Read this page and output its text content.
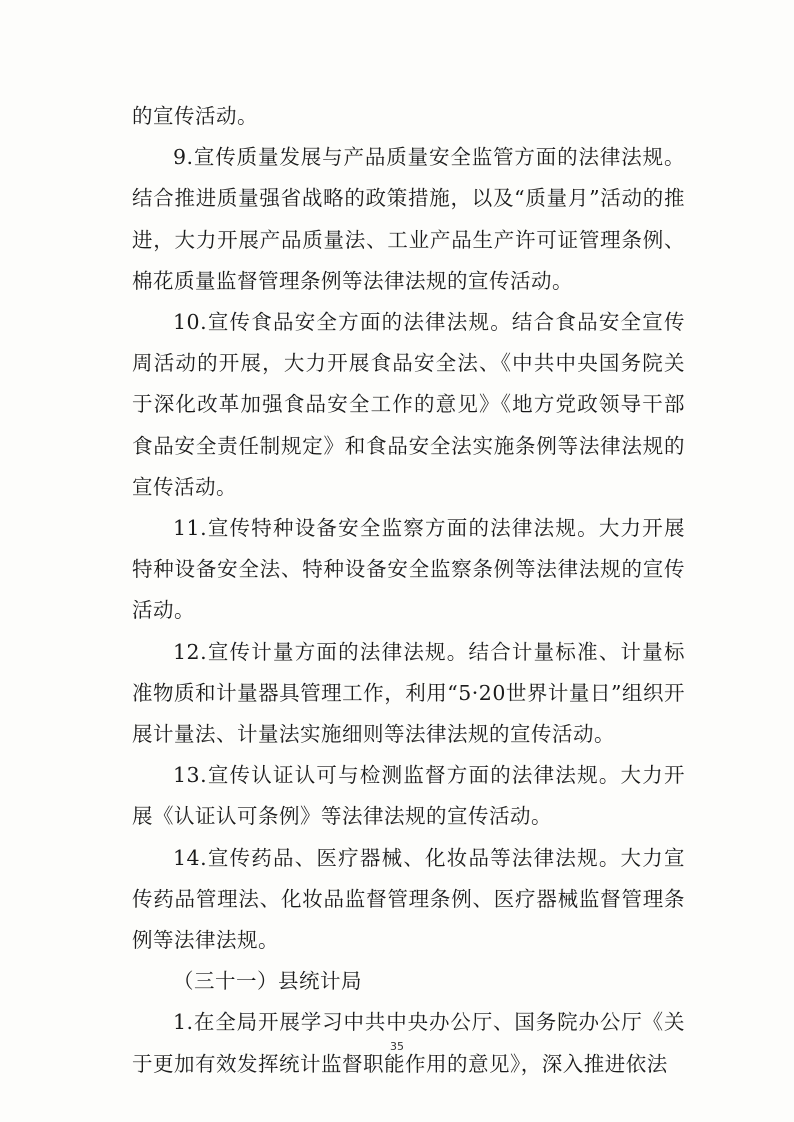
的宣传活动。

9.宣传质量发展与产品质量安全监管方面的法律法规。结合推进质量强省战略的政策措施，以及“质量月”活动的推进，大力开展产品质量法、工业产品生产许可证管理条例、棉花质量监督管理条例等法律法规的宣传活动。

10.宣传食品安全方面的法律法规。结合食品安全宣传周活动的开展，大力开展食品安全法、《中共中央国务院关于深化改革加强食品安全工作的意见》《地方党政领导干部食品安全责任制规定》和食品安全法实施条例等法律法规的宣传活动。

11.宣传特种设备安全监察方面的法律法规。大力开展特种设备安全法、特种设备安全监察条例等法律法规的宣传活动。

12.宣传计量方面的法律法规。结合计量标准、计量标准物质和计量器具管理工作，利用“5·20世界计量日”组织开展计量法、计量法实施细则等法律法规的宣传活动。

13.宣传认证认可与检测监督方面的法律法规。大力开展《认证认可条例》等法律法规的宣传活动。

14.宣传药品、医疗器械、化妆品等法律法规。大力宣传药品管理法、化妆品监督管理条例、医疗器械监督管理条例等法律法规。

（三十一）县统计局

1.在全局开展学习中共中央办公厅、国务院办公厅《关于更加有效发挥统计监督职能作用的意见》，深入推进依法

35
